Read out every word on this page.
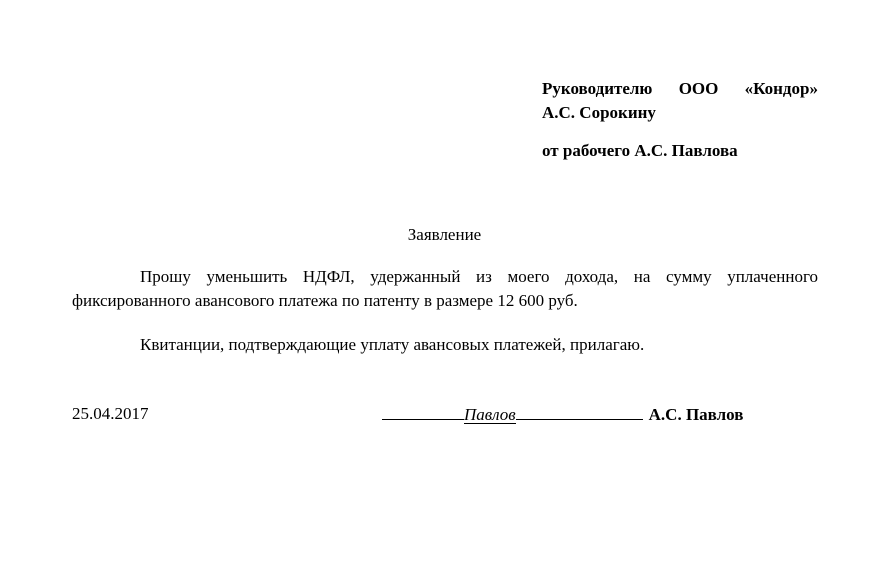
Руководителю ООО «Кондор»
А.С. Сорокину
от рабочего А.С. Павлова
Заявление
Прошу уменьшить НДФЛ, удержанный из моего дохода, на сумму уплаченного
фиксированного авансового платежа по патенту в размере 12 600 руб.
Квитанции, подтверждающие уплату авансовых платежей, прилагаю.
25.04.2017	Павлов	А.С. Павлов
